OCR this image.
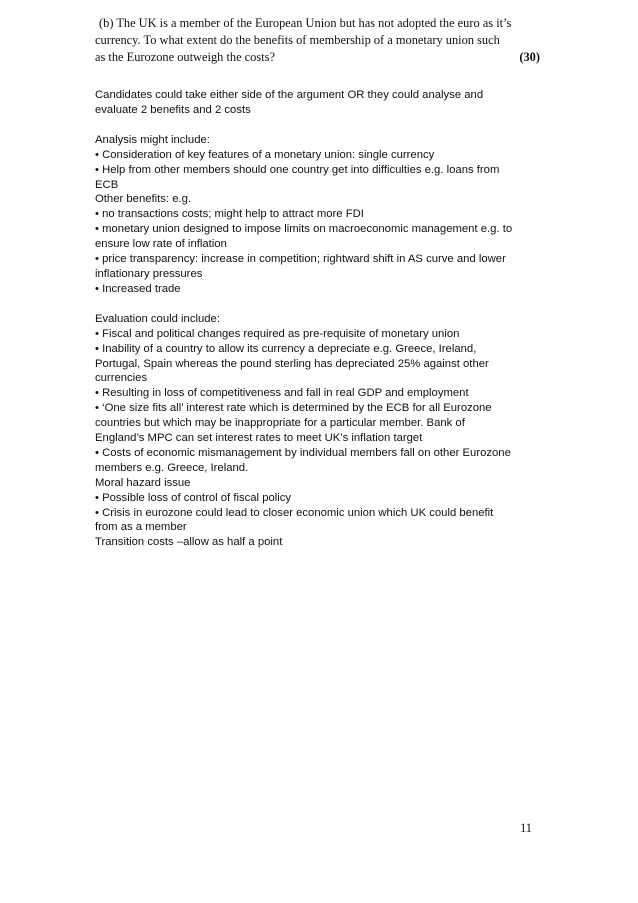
(b) The UK is a member of the European Union but has not adopted the euro as it’s
currency. To what extent do the benefits of membership of a monetary union such
as the Eurozone outweigh the costs?	(30)

Candidates could take either side of the argument OR they could analyse and
evaluate 2 benefits and 2 costs

Analysis might include:
• Consideration of key features of a monetary union: single currency
• Help from other members should one country get into difficulties e.g. loans from
ECB
Other benefits: e.g.
• no transactions costs; might help to attract more FDI
• monetary union designed to impose limits on macroeconomic management e.g. to
ensure low rate of inflation
• price transparency: increase in competition; rightward shift in AS curve and lower
inflationary pressures
• Increased trade

Evaluation could include:
• Fiscal and political changes required as pre-requisite of monetary union
• Inability of a country to allow its currency a depreciate e.g. Greece, Ireland,
Portugal, Spain whereas the pound sterling has depreciated 25% against other
currencies
• Resulting in loss of competitiveness and fall in real GDP and employment
• ‘One size fits all’ interest rate which is determined by the ECB for all Eurozone
countries but which may be inappropriate for a particular member. Bank of
England’s MPC can set interest rates to meet UK’s inflation target
• Costs of economic mismanagement by individual members fall on other Eurozone
members e.g. Greece, Ireland.
Moral hazard issue
• Possible loss of control of fiscal policy
• Crisis in eurozone could lead to closer economic union which UK could benefit
from as a member
Transition costs –allow as half a point

11
